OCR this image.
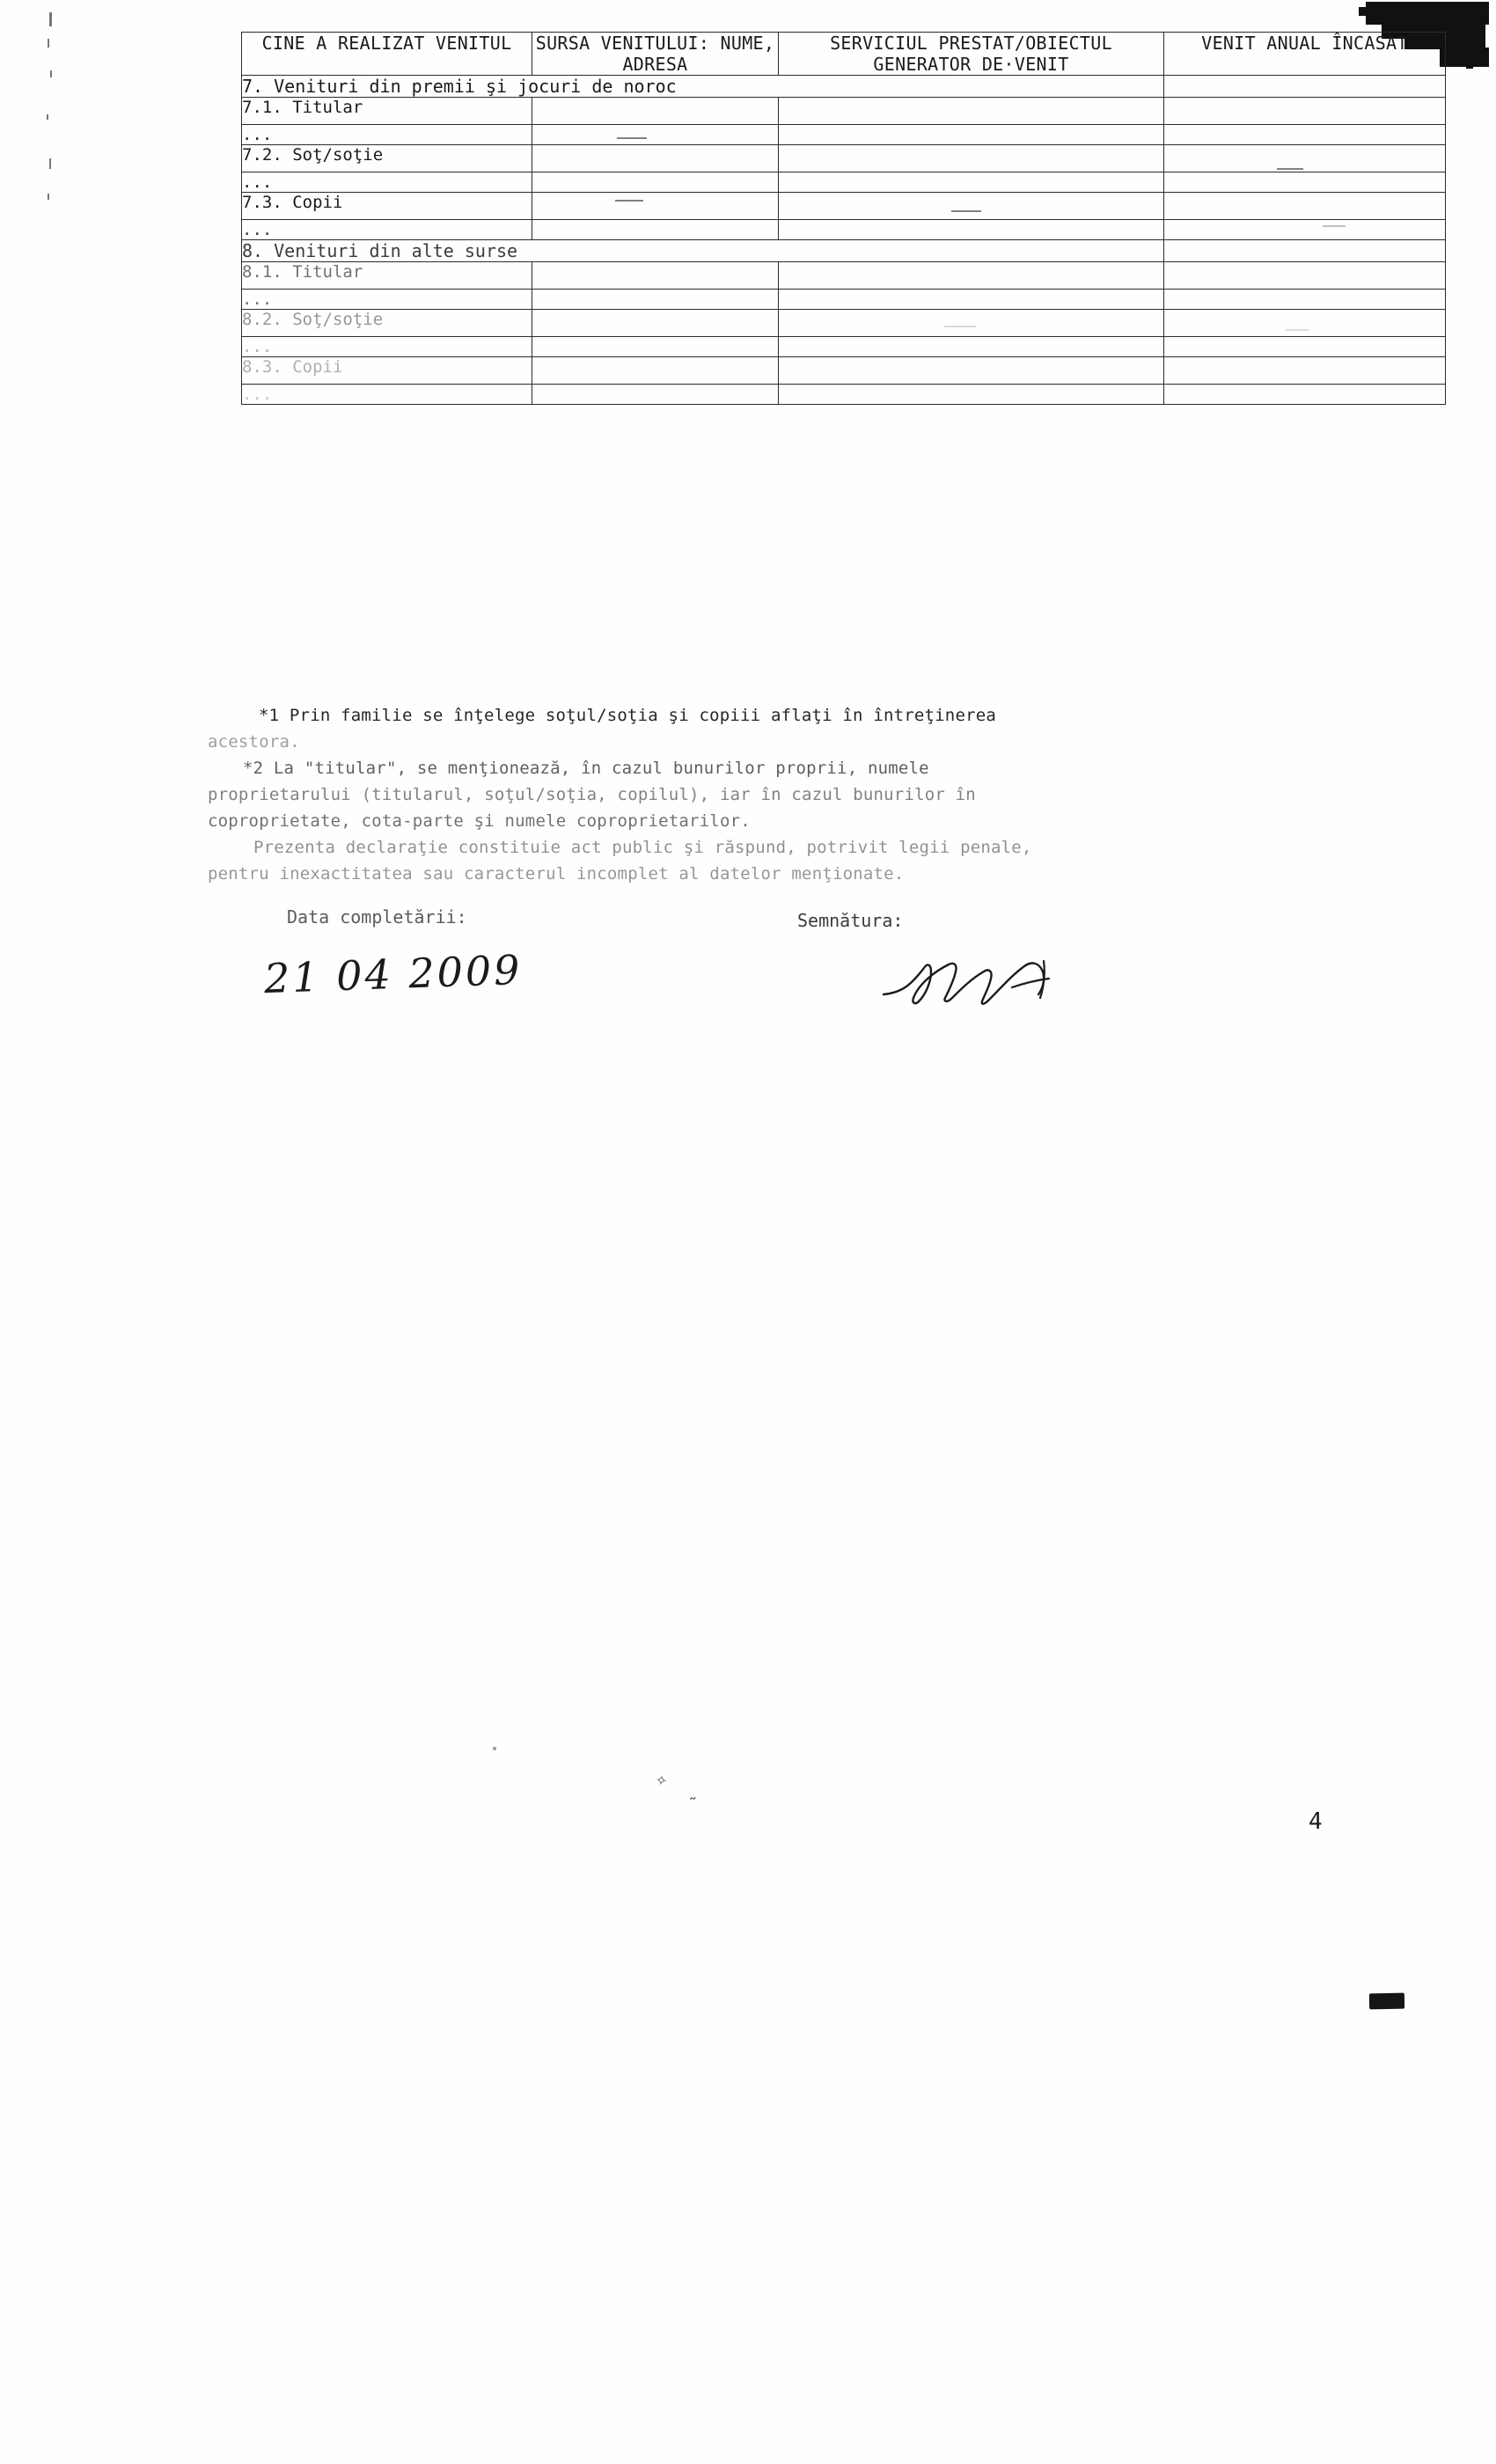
CINE A REALIZAT VENITUL	SURSA VENITULUI: NUME, ADRESA	SERVICIUL PRESTAT/OBIECTUL GENERATOR DE·VENIT	VENIT ANUAL ÎNCASAT
7. Venituri din premii şi jocuri de noroc			
7.1. Titular			
...	

7.2. Soţ/soţie			

...			
7.3. Copii	

...			

8. Venituri din alte surse			
8.1. Titular			
...			
8.2. Soţ/soţie		

...			
8.3. Copii			
...			

*1 Prin familie se înţelege soţul/soţia şi copiii aflaţi în întreţinerea

acestora.

*2 La "titular", se menţionează, în cazul bunurilor proprii, numele

proprietarului (titularul, soţul/soţia, copilul), iar în cazul bunurilor în

coproprietate, cota-parte şi numele coproprietarilor.

Prezenta declaraţie constituie act public şi răspund, potrivit legii penale,

pentru inexactitatea sau caracterul incomplet al datelor menţionate.

Data completării:	Semnătura:
21 04 2009
✧
 ̃
4
